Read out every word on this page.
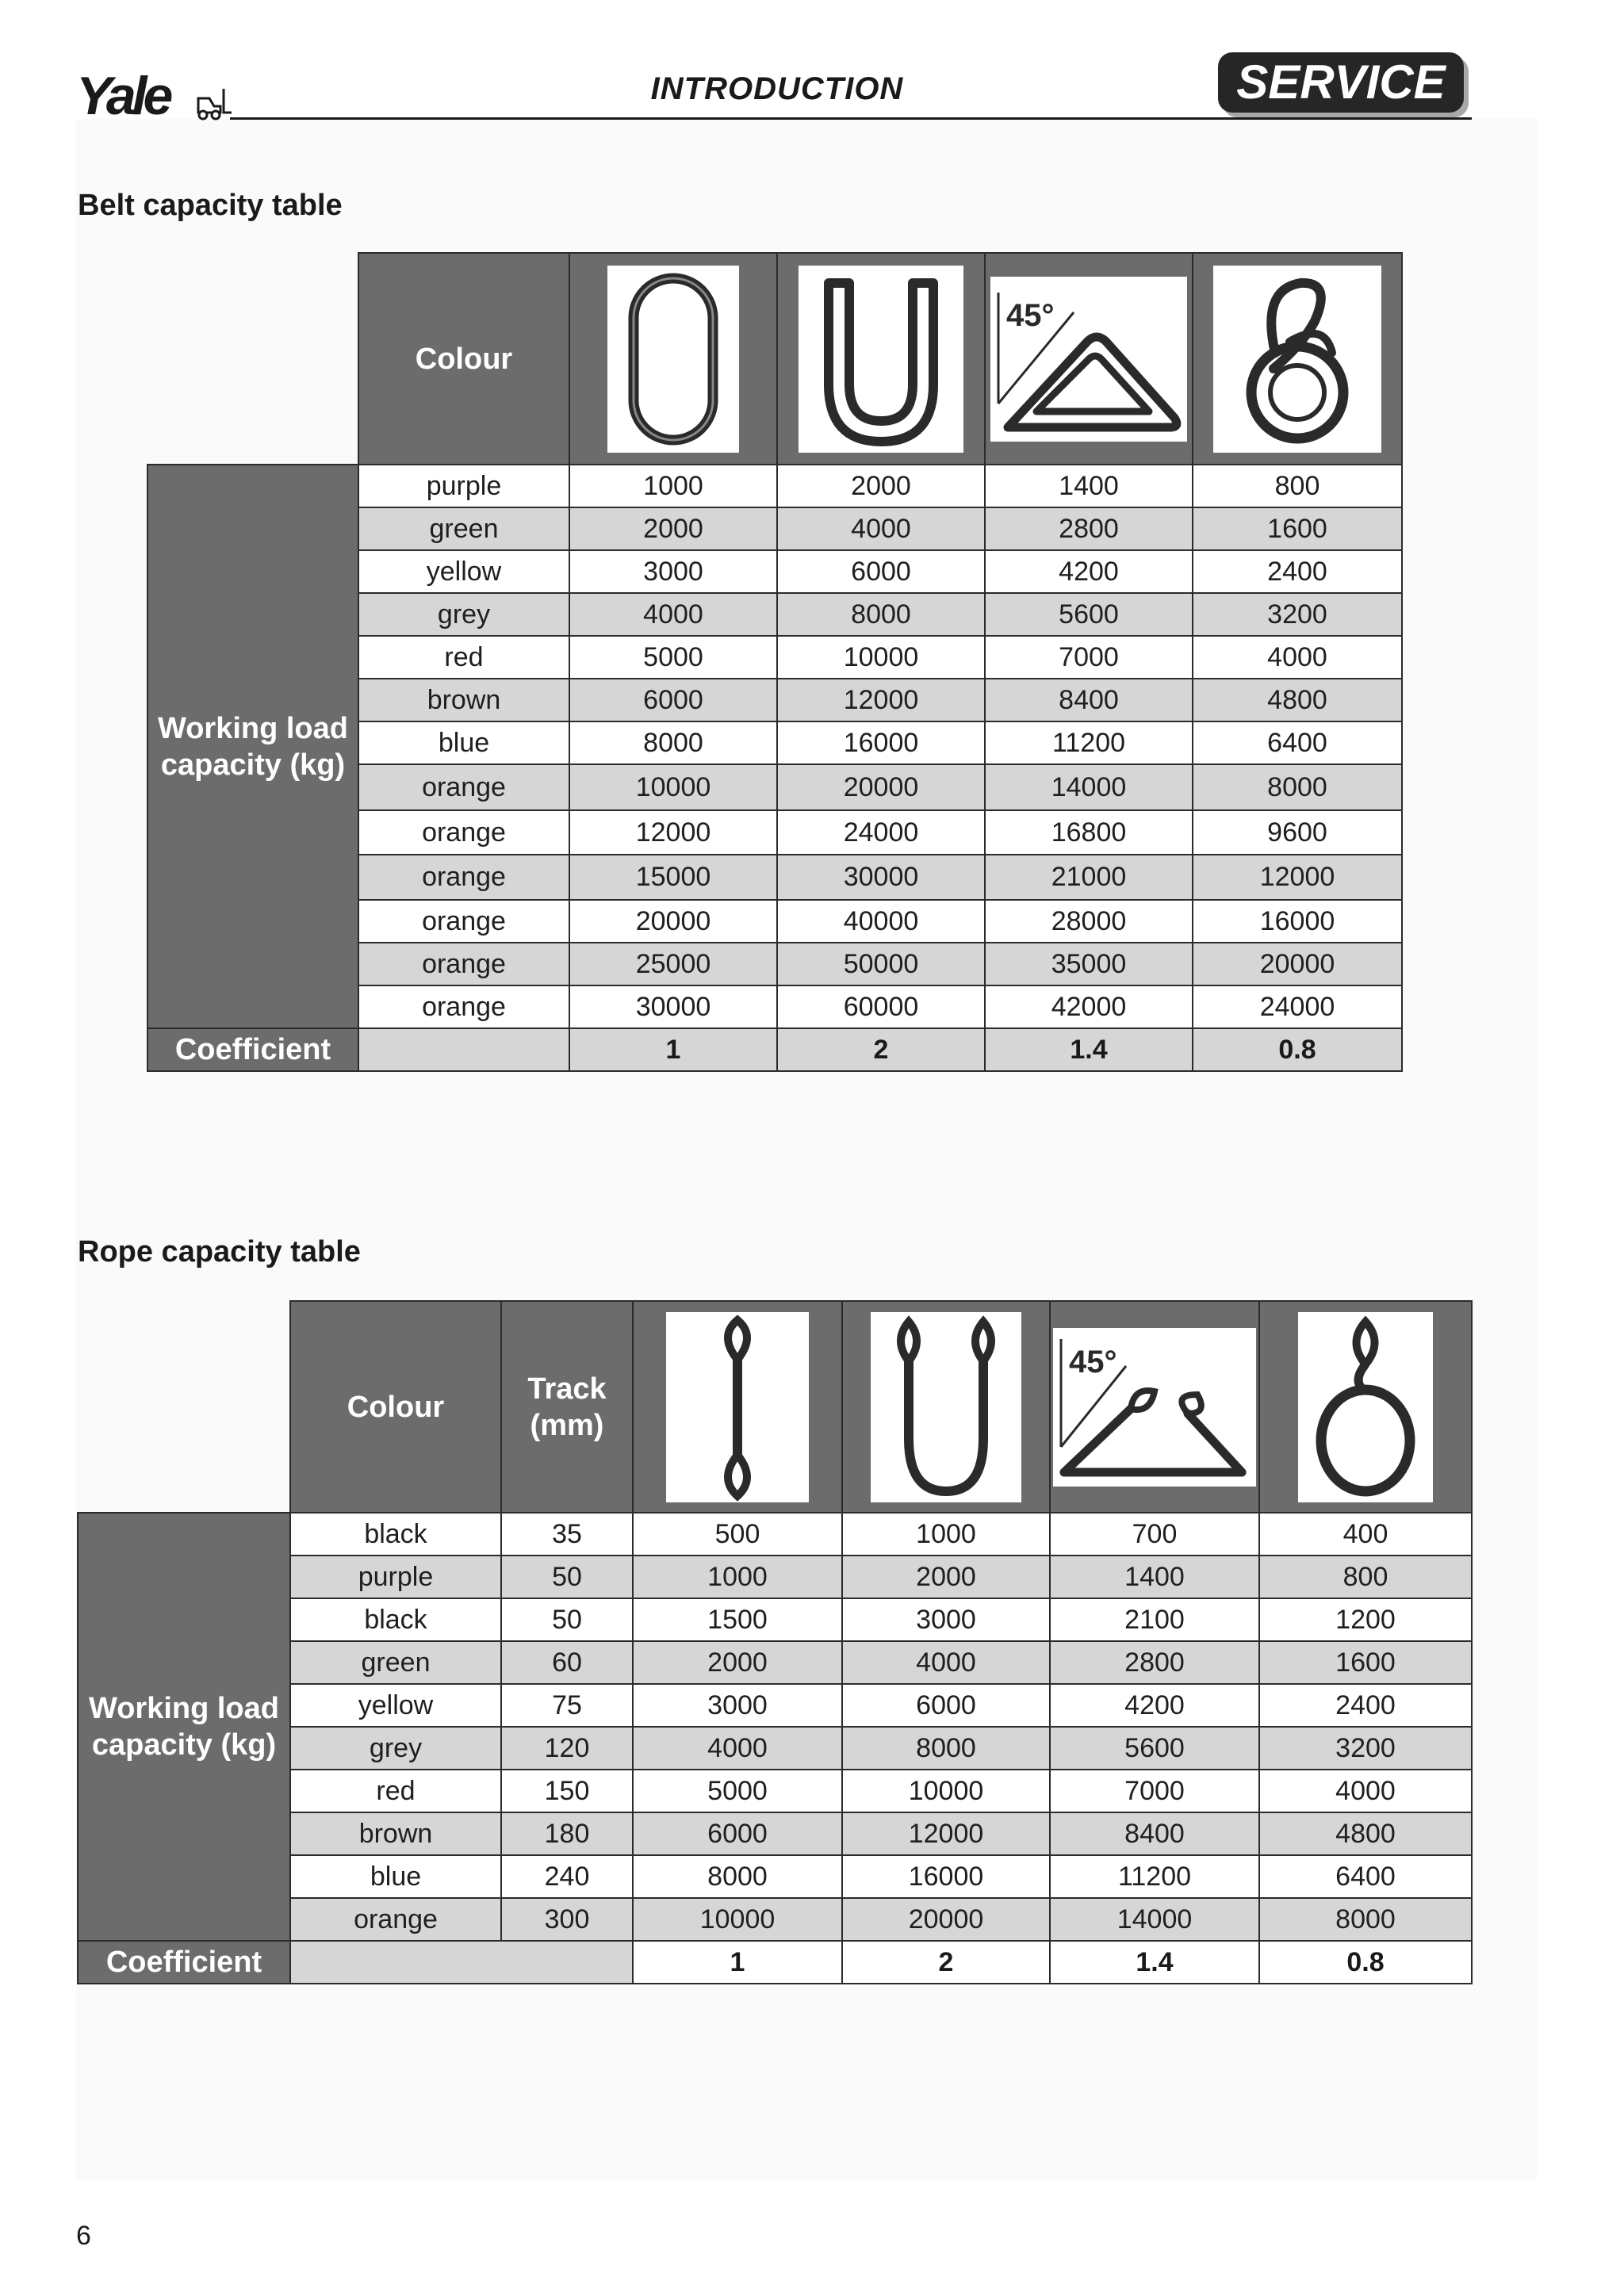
Yale	INTRODUCTION	SERVICE
Belt capacity table
	Colour			45°

Working load capacity (kg)	purple	1000	2000	1400	800
	green	2000	4000	2800	1600
	yellow	3000	6000	4200	2400
	grey	4000	8000	5600	3200
	red	5000	10000	7000	4000
	brown	6000	12000	8400	4800
	blue	8000	16000	11200	6400
	orange	10000	20000	14000	8000
	orange	12000	24000	16800	9600
	orange	15000	30000	21000	12000
	orange	20000	40000	28000	16000
	orange	25000	50000	35000	20000
	orange	30000	60000	42000	24000
Coefficient		1	2	1.4	0.8
Rope capacity table
	Colour	Track (mm)			45°

Working load capacity (kg)	black	35	500	1000	700	400
	purple	50	1000	2000	1400	800
	black	50	1500	3000	2100	1200
	green	60	2000	4000	2800	1600
	yellow	75	3000	6000	4200	2400
	grey	120	4000	8000	5600	3200
	red	150	5000	10000	7000	4000
	brown	180	6000	12000	8400	4800
	blue	240	8000	16000	11200	6400
	orange	300	10000	20000	14000	8000
Coefficient			1	2	1.4	0.8
6
